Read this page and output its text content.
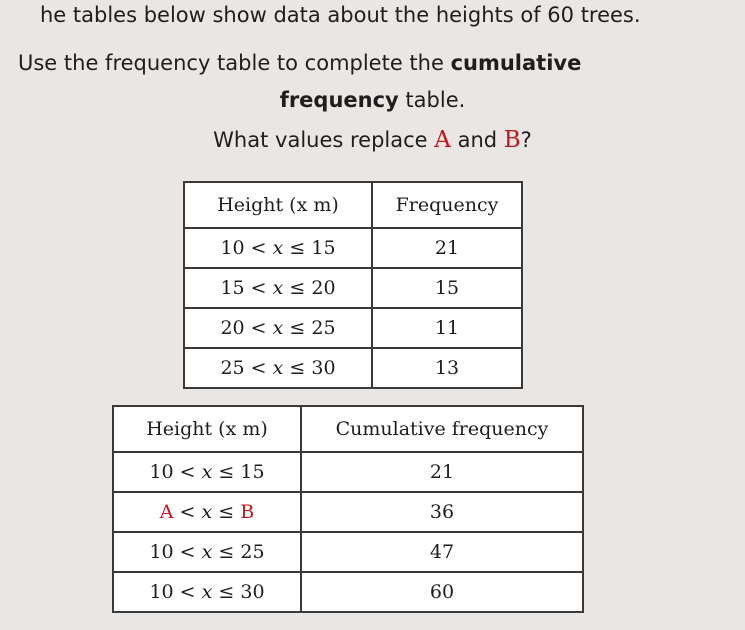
he tables below show data about the heights of 60 trees.
Use the frequency table to complete the cumulative
frequency table.
What values replace A and B?
Height (x m)	Frequency
10 < x ≤ 15	21
15 < x ≤ 20	15
20 < x ≤ 25	11
25 < x ≤ 30	13
Height (x m)	Cumulative frequency
10 < x ≤ 15	21
A < x ≤ B	36
10 < x ≤ 25	47
10 < x ≤ 30	60
